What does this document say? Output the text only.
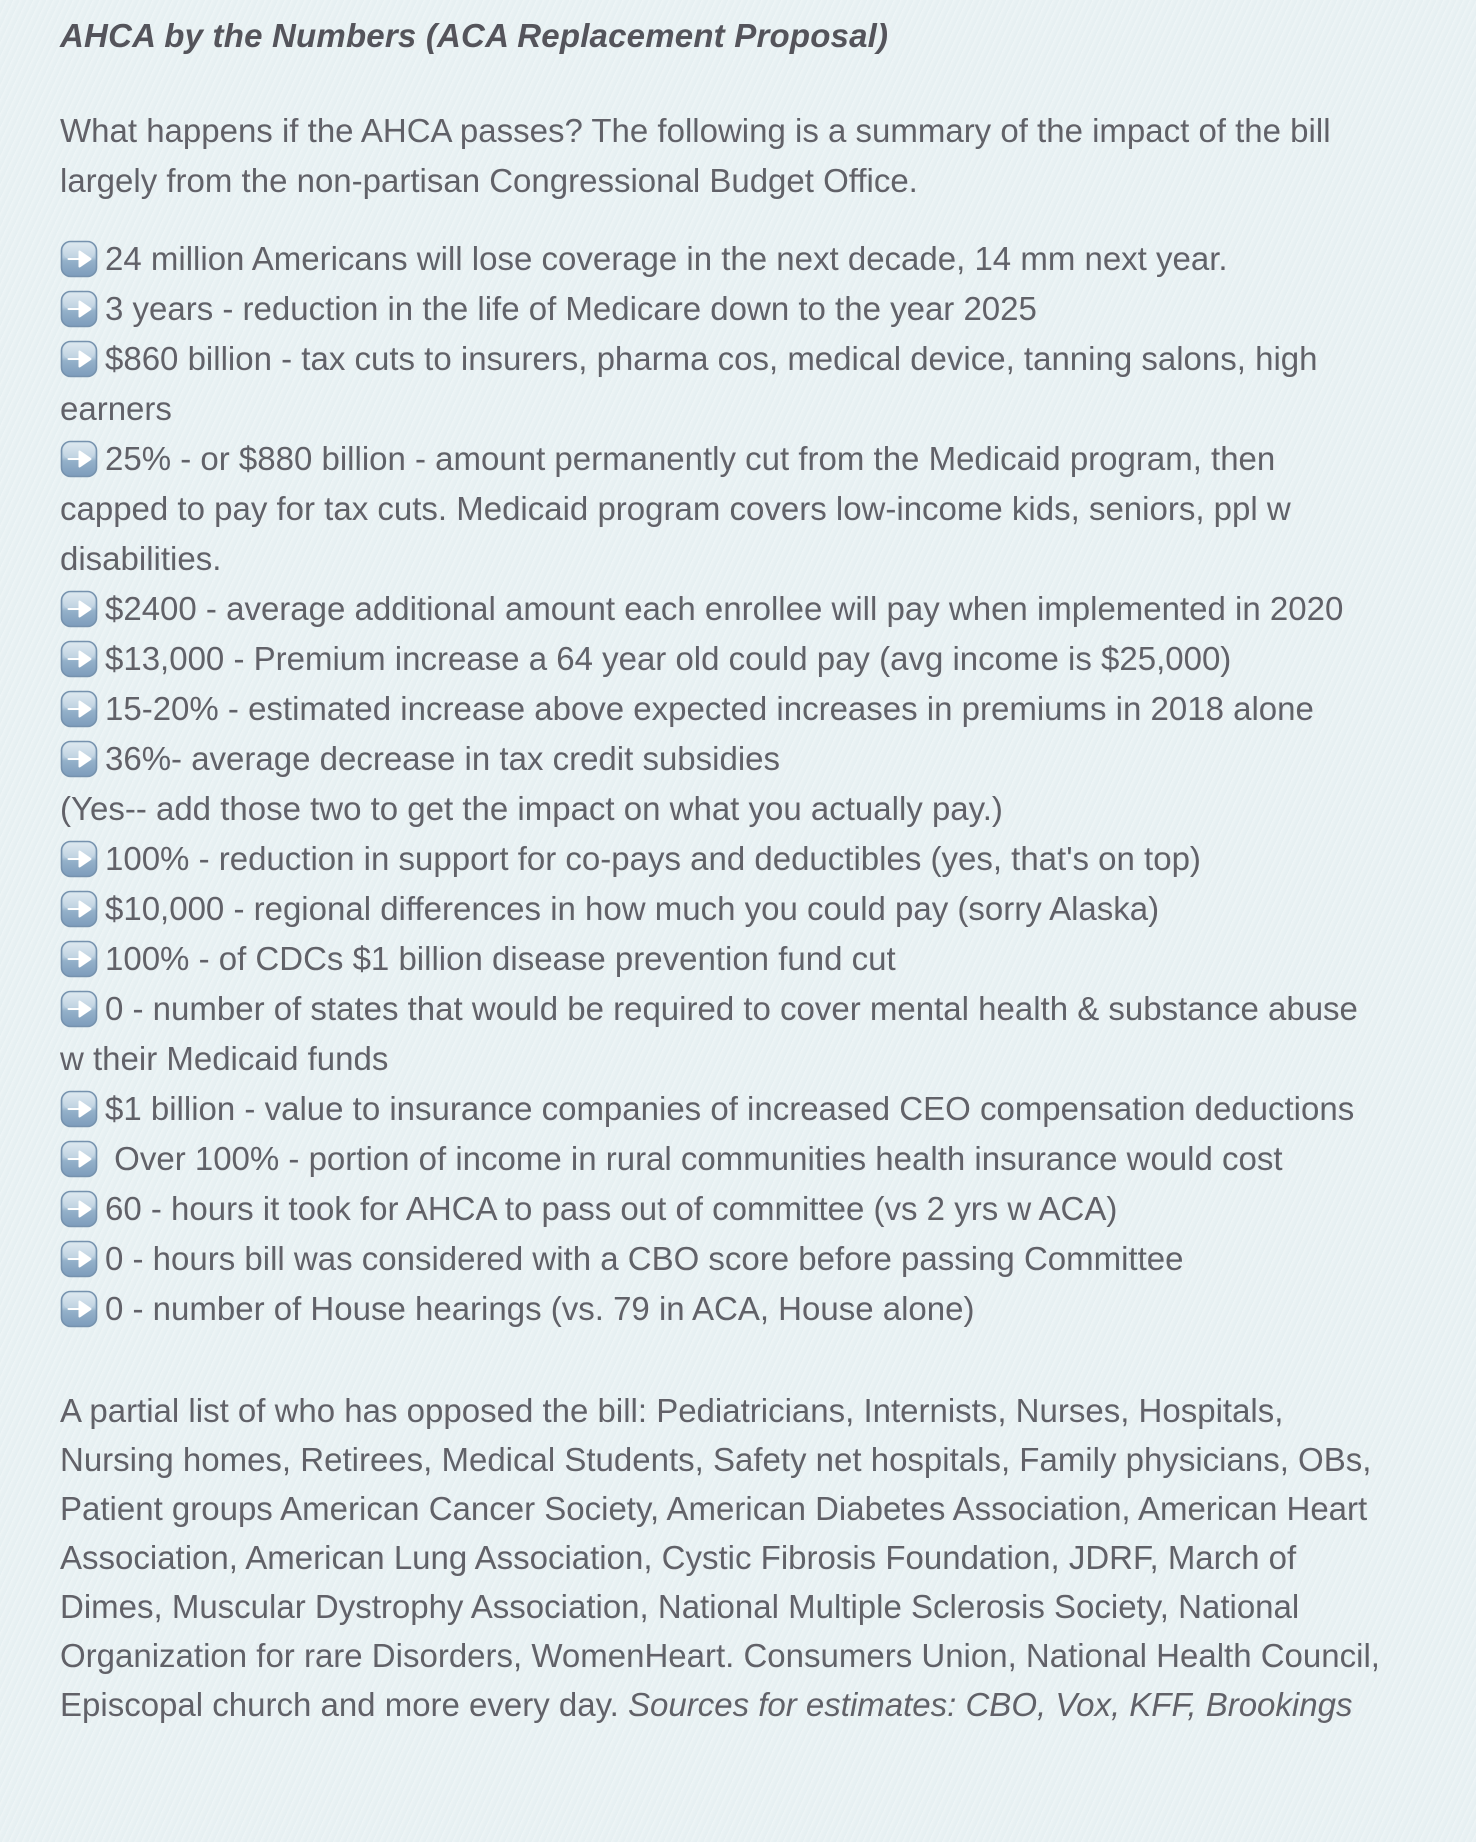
AHCA by the Numbers (ACA Replacement Proposal)

What happens if the AHCA passes? The following is a summary of the impact of the bill largely from the non-partisan Congressional Budget Office.

24 million Americans will lose coverage in the next decade, 14 mm next year.
3 years - reduction in the life of Medicare down to the year 2025
$860 billion - tax cuts to insurers, pharma cos, medical device, tanning salons, high earners
25% - or $880 billion - amount permanently cut from the Medicaid program, then capped to pay for tax cuts. Medicaid program covers low-income kids, seniors, ppl w disabilities.
$2400 - average additional amount each enrollee will pay when implemented in 2020
$13,000 - Premium increase a 64 year old could pay (avg income is $25,000)
15-20% - estimated increase above expected increases in premiums in 2018 alone
36%- average decrease in tax credit subsidies
(Yes-- add those two to get the impact on what you actually pay.)
100% - reduction in support for co-pays and deductibles (yes, that's on top)
$10,000 - regional differences in how much you could pay (sorry Alaska)
100% - of CDCs $1 billion disease prevention fund cut
0 - number of states that would be required to cover mental health & substance abuse w their Medicaid funds
$1 billion - value to insurance companies of increased CEO compensation deductions
Over 100% - portion of income in rural communities health insurance would cost
60 - hours it took for AHCA to pass out of committee (vs 2 yrs w ACA)
0 - hours bill was considered with a CBO score before passing Committee
0 - number of House hearings (vs. 79 in ACA, House alone)

A partial list of who has opposed the bill: Pediatricians, Internists, Nurses, Hospitals, Nursing homes, Retirees, Medical Students, Safety net hospitals, Family physicians, OBs, Patient groups American Cancer Society, American Diabetes Association, American Heart Association, American Lung Association, Cystic Fibrosis Foundation, JDRF, March of Dimes, Muscular Dystrophy Association, National Multiple Sclerosis Society, National Organization for rare Disorders, WomenHeart. Consumers Union, National Health Council, Episcopal church and more every day. Sources for estimates: CBO, Vox, KFF, Brookings
